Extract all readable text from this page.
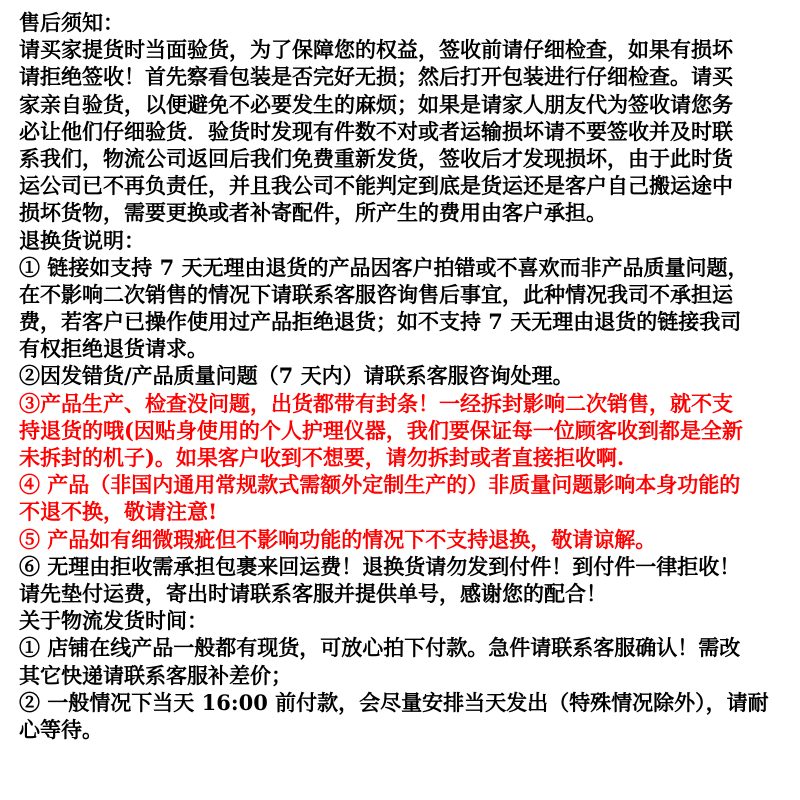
售后须知：
请买家提货时当面验货，为了保障您的权益，签收前请仔细检查，如果有损坏
请拒绝签收！首先察看包装是否完好无损；然后打开包装进行仔细检查。请买
家亲自验货，以便避免不必要发生的麻烦；如果是请家人朋友代为签收请您务
必让他们仔细验货．验货时发现有件数不对或者运输损坏请不要签收并及时联
系我们，物流公司返回后我们免费重新发货，签收后才发现损坏，由于此时货
运公司已不再负责任，并且我公司不能判定到底是货运还是客户自己搬运途中
损坏货物，需要更换或者补寄配件，所产生的费用由客户承担。
退换货说明：
① 链接如支持 7 天无理由退货的产品因客户拍错或不喜欢而非产品质量问题，
在不影响二次销售的情况下请联系客服咨询售后事宜，此种情况我司不承担运
费，若客户已操作使用过产品拒绝退货；如不支持 7 天无理由退货的链接我司
有权拒绝退货请求。
②因发错货/产品质量问题（7 天内）请联系客服咨询处理。
③产品生产、检查没问题，出货都带有封条！一经拆封影响二次销售，就不支
持退货的哦(因贴身使用的个人护理仪器，我们要保证每一位顾客收到都是全新
未拆封的机子)。如果客户收到不想要，请勿拆封或者直接拒收啊.
④ 产品（非国内通用常规款式需额外定制生产的）非质量问题影响本身功能的
不退不换，敬请注意!
⑤ 产品如有细微瑕疵但不影响功能的情况下不支持退换，敬请谅解。
⑥ 无理由拒收需承担包裹来回运费！退换货请勿发到付件！到付件一律拒收！
请先垫付运费，寄出时请联系客服并提供单号，感谢您的配合！
关于物流发货时间：
① 店铺在线产品一般都有现货，可放心拍下付款。急件请联系客服确认！需改
其它快递请联系客服补差价；
② 一般情况下当天 16:00 前付款，会尽量安排当天发出（特殊情况除外），请耐
心等待。
